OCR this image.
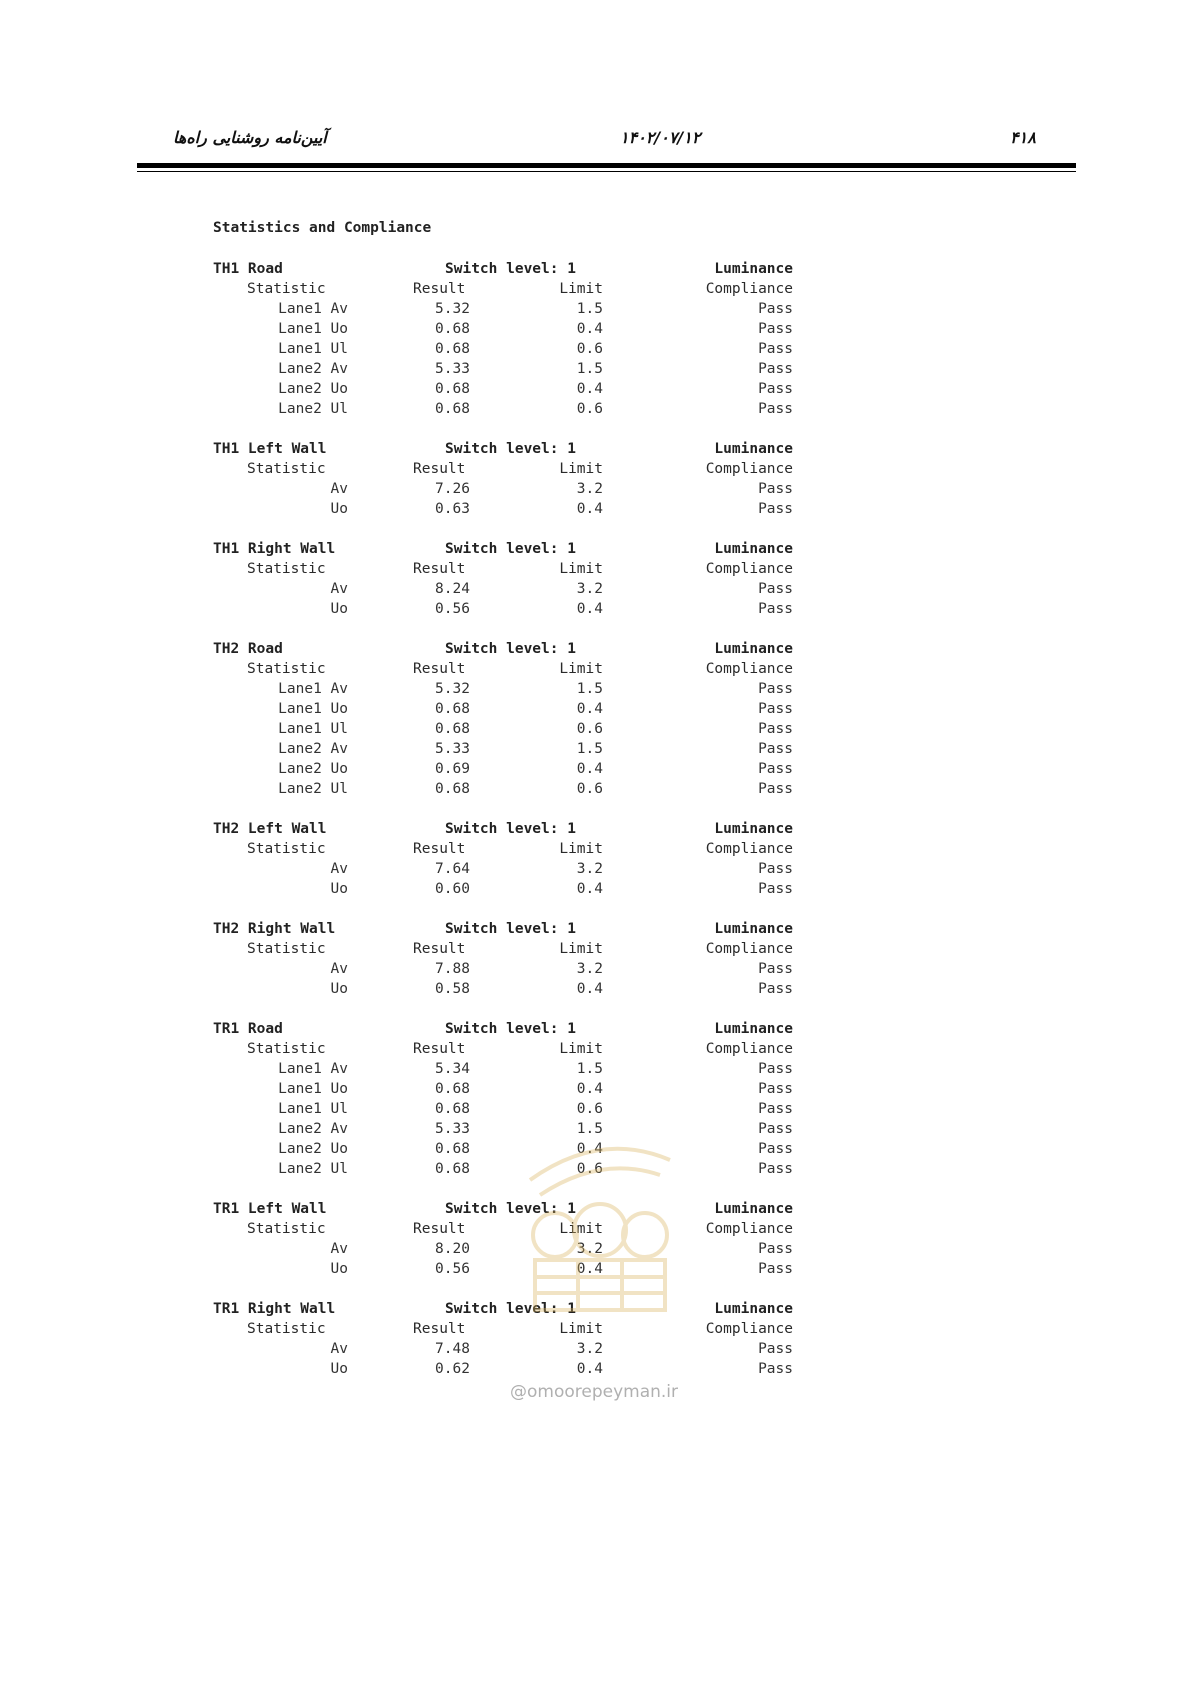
۴۱۸
۱۴۰۲/۰۷/۱۲
آیین‌نامه روشنایی راه‌ها
Statistics and Compliance
TH1 Road	Switch level: 1	Luminance
Statistic	Result	Limit	Compliance
Lane1 Av	5.32	1.5	Pass
Lane1 Uo	0.68	0.4	Pass
Lane1 Ul	0.68	0.6	Pass
Lane2 Av	5.33	1.5	Pass
Lane2 Uo	0.68	0.4	Pass
Lane2 Ul	0.68	0.6	Pass
TH1 Left Wall	Switch level: 1	Luminance
Statistic	Result	Limit	Compliance
Av	7.26	3.2	Pass
Uo	0.63	0.4	Pass
TH1 Right Wall	Switch level: 1	Luminance
Statistic	Result	Limit	Compliance
Av	8.24	3.2	Pass
Uo	0.56	0.4	Pass
TH2 Road	Switch level: 1	Luminance
Statistic	Result	Limit	Compliance
Lane1 Av	5.32	1.5	Pass
Lane1 Uo	0.68	0.4	Pass
Lane1 Ul	0.68	0.6	Pass
Lane2 Av	5.33	1.5	Pass
Lane2 Uo	0.69	0.4	Pass
Lane2 Ul	0.68	0.6	Pass
TH2 Left Wall	Switch level: 1	Luminance
Statistic	Result	Limit	Compliance
Av	7.64	3.2	Pass
Uo	0.60	0.4	Pass
TH2 Right Wall	Switch level: 1	Luminance
Statistic	Result	Limit	Compliance
Av	7.88	3.2	Pass
Uo	0.58	0.4	Pass
TR1 Road	Switch level: 1	Luminance
Statistic	Result	Limit	Compliance
Lane1 Av	5.34	1.5	Pass
Lane1 Uo	0.68	0.4	Pass
Lane1 Ul	0.68	0.6	Pass
Lane2 Av	5.33	1.5	Pass
Lane2 Uo	0.68	0.4	Pass
Lane2 Ul	0.68	0.6	Pass
TR1 Left Wall	Switch level: 1	Luminance
Statistic	Result	Limit	Compliance
Av	8.20	3.2	Pass
Uo	0.56	0.4	Pass
TR1 Right Wall	Switch level: 1	Luminance
Statistic	Result	Limit	Compliance
Av	7.48	3.2	Pass
Uo	0.62	0.4	Pass
@omoorepeyman.ir
